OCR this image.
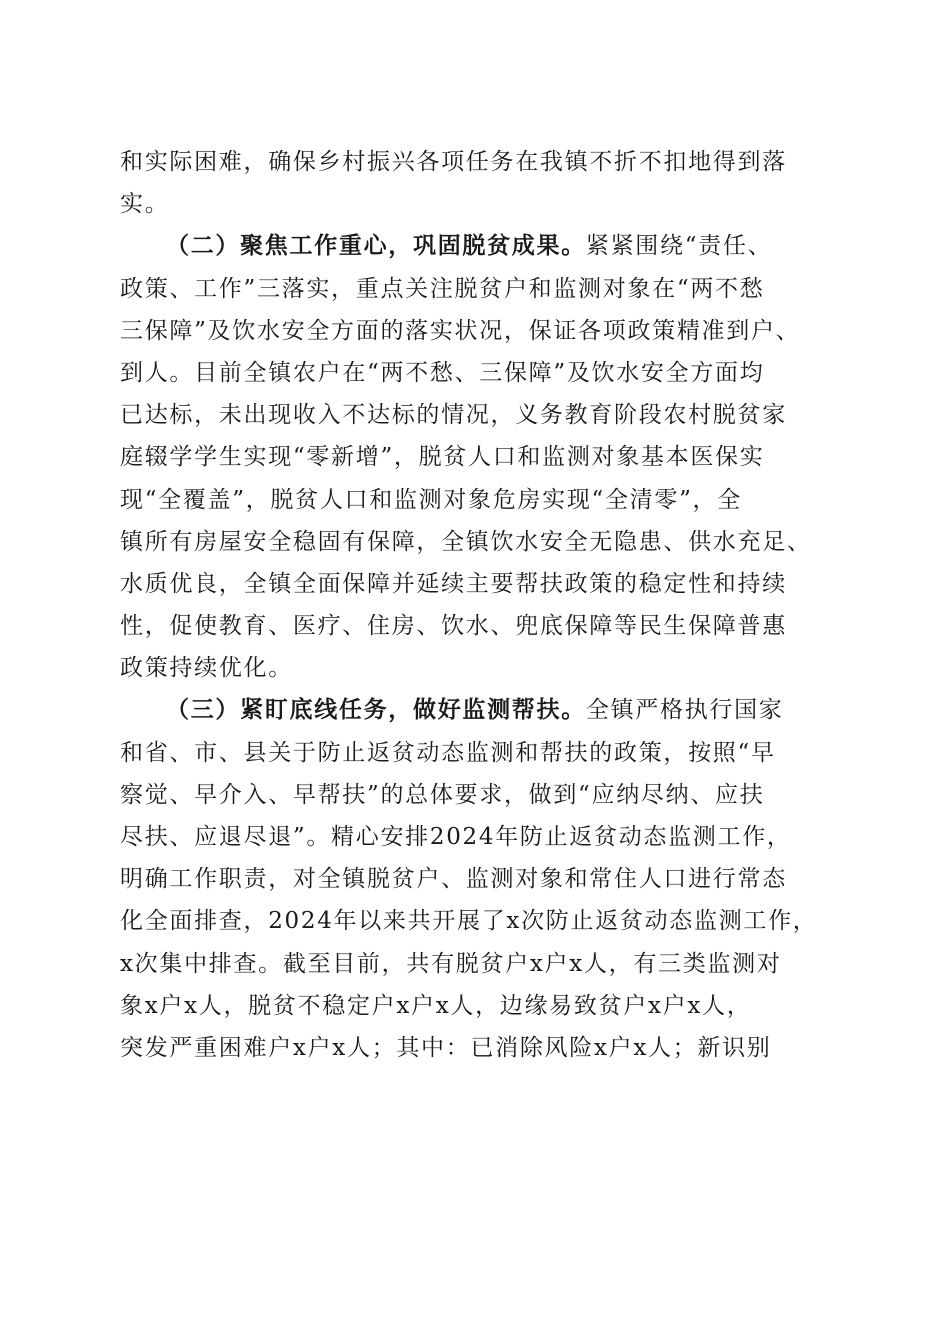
和实际困难，确保乡村振兴各项任务在我镇不折不扣地得到落
实。
（二）聚焦工作重心，巩固脱贫成果。紧紧围绕“责任、
政策、工作”三落实，重点关注脱贫户和监测对象在“两不愁
三保障”及饮水安全方面的落实状况，保证各项政策精准到户、
到人。目前全镇农户在“两不愁、三保障”及饮水安全方面均
已达标，未出现收入不达标的情况，义务教育阶段农村脱贫家
庭辍学学生实现“零新增”，脱贫人口和监测对象基本医保实
现“全覆盖”，脱贫人口和监测对象危房实现“全清零”，全
镇所有房屋安全稳固有保障，全镇饮水安全无隐患、供水充足、
水质优良，全镇全面保障并延续主要帮扶政策的稳定性和持续
性，促使教育、医疗、住房、饮水、兜底保障等民生保障普惠
政策持续优化。
（三）紧盯底线任务，做好监测帮扶。全镇严格执行国家
和省、市、县关于防止返贫动态监测和帮扶的政策，按照“早
察觉、早介入、早帮扶”的总体要求，做到“应纳尽纳、应扶
尽扶、应退尽退”。精心安排2024年防止返贫动态监测工作，
明确工作职责，对全镇脱贫户、监测对象和常住人口进行常态
化全面排查，2024年以来共开展了x次防止返贫动态监测工作，
x次集中排查。截至目前，共有脱贫户x户x人，有三类监测对
象x户x人，脱贫不稳定户x户x人，边缘易致贫户x户x人，
突发严重困难户x户x人；其中：已消除风险x户x人；新识别
